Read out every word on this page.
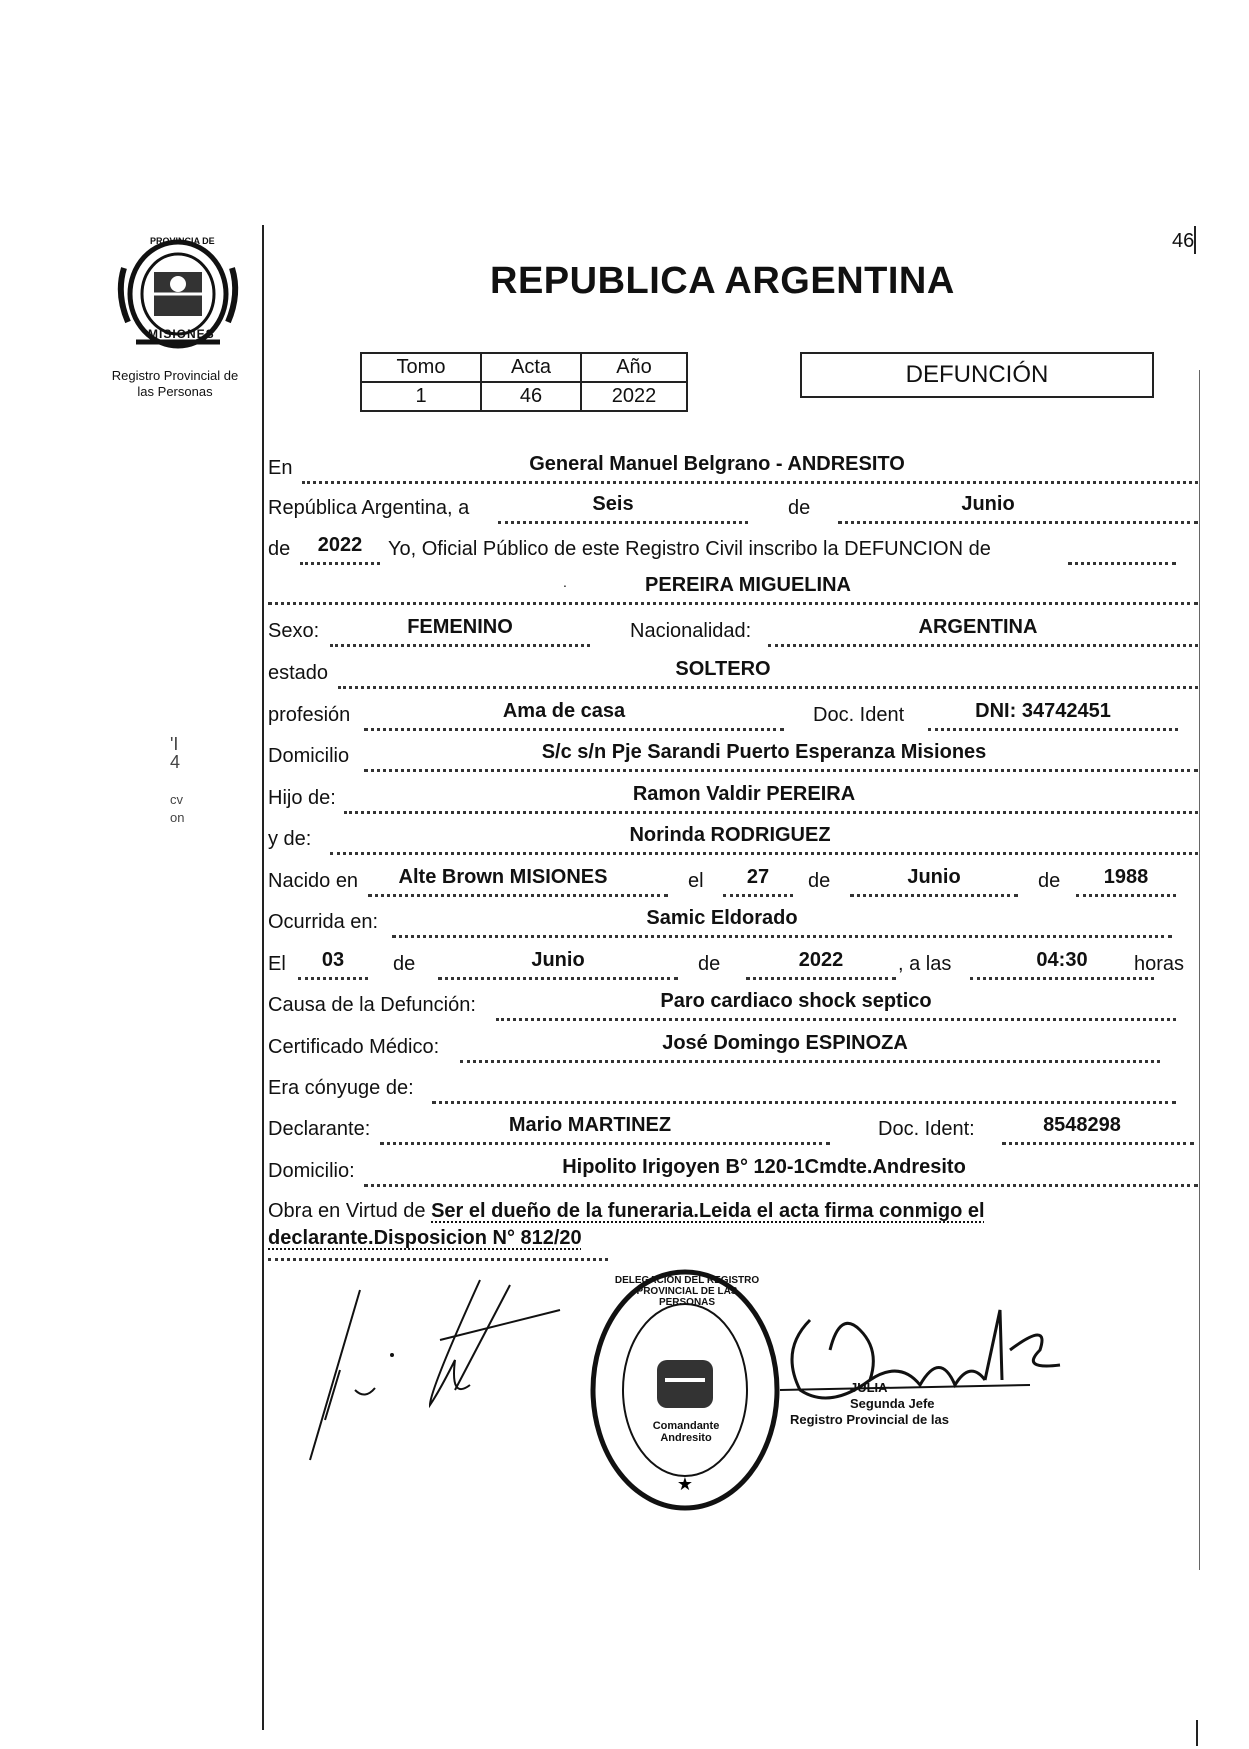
46
PROVINCIA DE
MISIONES
Registro Provincial de
las Personas
REPUBLICA ARGENTINA
Tomo	Acta	Año
1	46	2022
DEFUNCIÓN
En	General Manuel Belgrano - ANDRESITO
República Argentina, a	Seis	de	Junio
de	2022	Yo, Oficial Público de este Registro Civil inscribo la DEFUNCION de
.	PEREIRA MIGUELINA
Sexo:	FEMENINO	Nacionalidad:	ARGENTINA
estado	SOLTERO
profesión	Ama de casa	Doc. Ident	DNI: 34742451
Domicilio	S/c s/n Pje Sarandi Puerto Esperanza Misiones
Hijo de:	Ramon Valdir PEREIRA
y de:	Norinda RODRIGUEZ
Nacido en	Alte Brown MISIONES	el	27	de	Junio	de	1988
Ocurrida en:	Samic Eldorado
El	03	de	Junio	de	2022	, a las	04:30	horas
Causa de la Defunción:	Paro cardiaco shock septico
Certificado Médico:	José Domingo ESPINOZA
Era cónyuge de:
Declarante:	Mario MARTINEZ	Doc. Ident:	8548298
Domicilio:	Hipolito Irigoyen B° 120-1Cmdte.Andresito
Obra en Virtud de Ser el dueño de la funeraria.Leida el acta firma conmigo el declarante.Disposicion N° 812/20
★
DELEGACION DEL REGISTRO PROVINCIAL DE LAS PERSONAS
Comandante Andresito
JULIA
Segunda Jefe
Registro Provincial de las
'I
4
cv
on
